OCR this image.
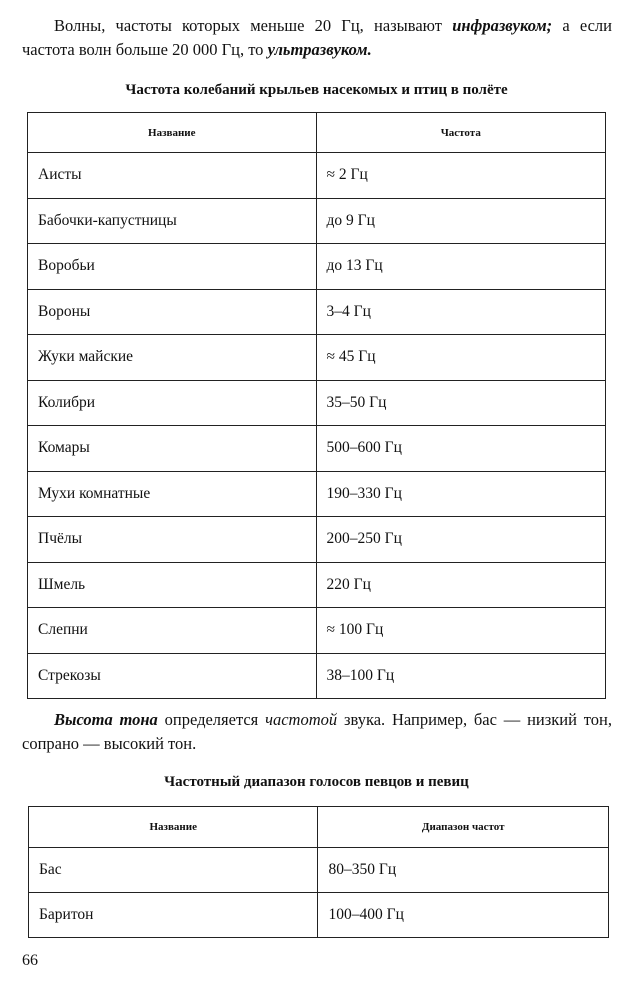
Волны, частоты которых меньше 20 Гц, называют инфразвуком; а если частота волн больше 20 000 Гц, то ультразвуком.

Частота колебаний крыльев насекомых и птиц в полёте
Название	Частота
Аисты	≈ 2 Гц
Бабочки-капустницы	до 9 Гц
Воробьи	до 13 Гц
Вороны	3–4 Гц
Жуки майские	≈ 45 Гц
Колибри	35–50 Гц
Комары	500–600 Гц
Мухи комнатные	190–330 Гц
Пчёлы	200–250 Гц
Шмель	220 Гц
Слепни	≈ 100 Гц
Стрекозы	38–100 Гц

Высота тона определяется частотой звука. Например, бас — низкий тон, сопрано — высокий тон.

Частотный диапазон голосов певцов и певиц
Название	Диапазон частот
Бас	80–350 Гц
Баритон	100–400 Гц

66
